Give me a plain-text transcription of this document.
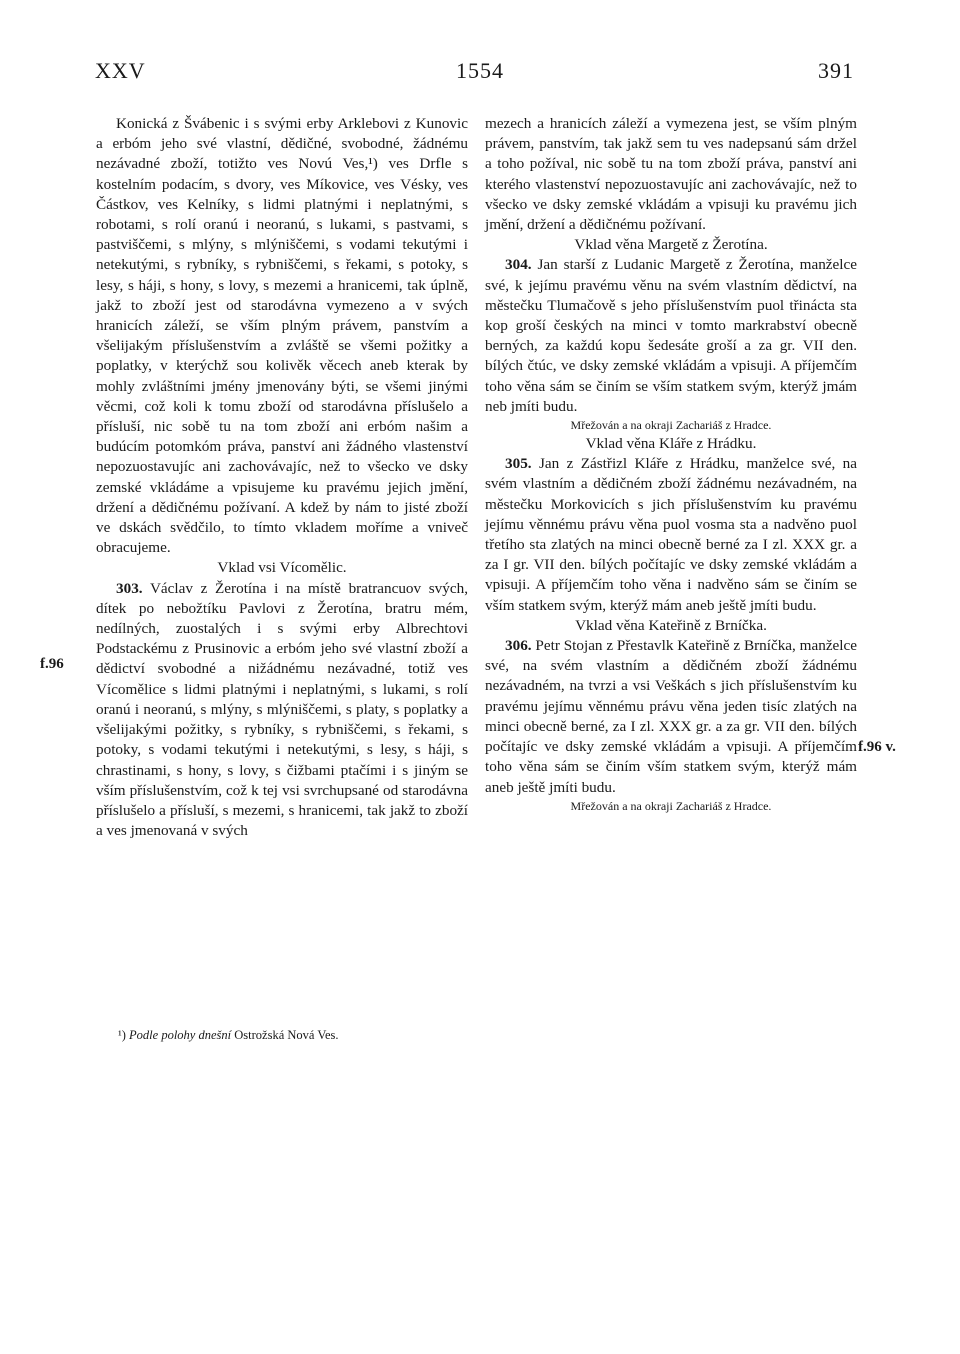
XXV	1554	391

Konická z Švábenic i s svými erby Arklebovi z Kunovic a erbóm jeho své vlastní, dědičné, svobodné, žádnému nezávadné zboží, totižto ves Novú Ves,¹) ves Drfle s kostelním podacím, s dvory, ves Míkovice, ves Vésky, ves Částkov, ves Kelníky, s lidmi platnými i neplatnými, s robotami, s rolí oranú i neoranú, s lukami, s pastvami, s pastviščemi, s mlýny, s mlýniščemi, s vodami tekutými i netekutými, s rybníky, s rybniščemi, s řekami, s potoky, s lesy, s háji, s hony, s lovy, s mezemi a hranicemi, tak úplně, jakž to zboží jest od starodávna vymezeno a v svých hranicích záleží, se vším plným právem, panstvím a všelijakým příslušenstvím a zvláště se všemi požitky a poplatky, v kterýchž sou kolivěk věcech aneb kterak by mohly zvláštními jmény jmenovány býti, se všemi jinými věcmi, což koli k tomu zboží od starodávna příslušelo a přísluší, nic sobě tu na tom zboží ani erbóm našim a budúcím potomkóm práva, panství ani žádného vlastenství nepozuostavujíc ani zachovávajíc, než to všecko ve dsky zemské vkládáme a vpisujeme ku pravému jejich jmění, držení a dědičnému požívaní. A kdež by nám to jisté zboží ve dskách svědčilo, to tímto vkladem moříme a vniveč obracujeme.

Vklad vsi Vícomělic.

303. Václav z Žerotína i na místě bratrancuov svých, dítek po nebožtíku Pavlovi z Žerotína, bratru mém, nedílných, zuostalých i s svými erby Albrechtovi Podstackému z Prusinovic a erbóm jeho své vlastní zboží a dědictví svobodné a nižádnému nezávadné, totiž ves Vícomělice s lidmi platnými i neplatnými, s lukami, s rolí oranú i neoranú, s mlýny, s mlýniščemi, s platy, s poplatky a všelijakými požitky, s rybníky, s rybniščemi, s řekami, s potoky, s vodami tekutými i netekutými, s lesy, s háji, s chrastinami, s hony, s lovy, s čižbami ptačími i s jiným se vším příslušenstvím, což k tej vsi svrchupsané od starodávna příslušelo a přísluší, s mezemi, s hranicemi, tak jakž to zboží a ves jmenovaná v svých

mezech a hranicích záleží a vymezena jest, se vším plným právem, panstvím, tak jakž sem tu ves nadepsanú sám držel a toho požíval, nic sobě tu na tom zboží práva, panství ani kterého vlastenství nepozuostavujíc ani zachovávajíc, než to všecko ve dsky zemské vkládám a vpisuji ku pravému jich jmění, držení a dědičnému požívaní.

Vklad věna Margetě z Žerotína.

304. Jan starší z Ludanic Margetě z Žerotína, manželce své, k jejímu pravému věnu na svém vlastním dědictví, na městečku Tlumačově s jeho příslušenstvím puol třinácta sta kop groší českých na minci v tomto markrabství obecně berných, za každú kopu šedesáte groší a za gr. VII den. bílých čtúc, ve dsky zemské vkládám a vpisuji. A příjemčím toho věna sám se činím se vším statkem svým, kterýž jmám neb jmíti budu.

Mřežován a na okraji Zachariáš z Hradce.

Vklad věna Kláře z Hrádku.

305. Jan z Zástřizl Kláře z Hrádku, manželce své, na svém vlastním a dědičném zboží žádnému nezávadném, na městečku Morkovicích s jich příslušenstvím ku pravému jejímu věnnému právu věna puol vosma sta a nadvěno puol třetího sta zlatých na minci obecně berné za I zl. XXX gr. a za I gr. VII den. bílých počítajíc ve dsky zemské vkládám a vpisuji. A příjemčím toho věna i nadvěno sám se činím se vším statkem svým, kterýž mám aneb ještě jmíti budu.

Vklad věna Kateřině z Brníčka.

306. Petr Stojan z Přestavlk Kateřině z Brníčka, manželce své, na svém vlastním a dědičném zboží žádnému nezávadném, na tvrzi a vsi Veškách s jich příslušenstvím ku pravému jejímu věnnému právu věna jeden tisíc zlatých na minci obecně berné, za I zl. XXX gr. a za gr. VII den. bílých počítajíc ve dsky zemské vkládám a vpisuji. A příjemčím toho věna sám se činím vším statkem svým, kterýž mám aneb ještě jmíti budu.

Mřežován a na okraji Zachariáš z Hradce.

f.96
f.96 v.
¹) Podle polohy dnešní Ostrožská Nová Ves.
